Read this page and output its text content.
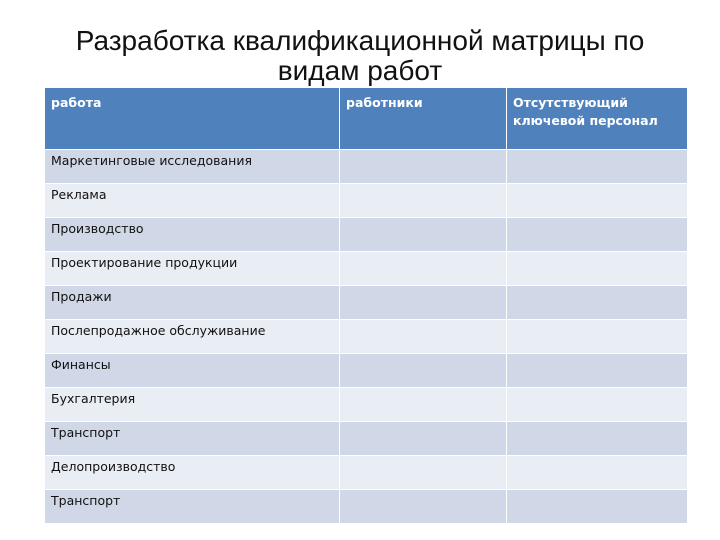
Разработка квалификационной матрицы по видам работ
работа	работники	Отсутствующий ключевой персонал
Маркетинговые исследования		
Реклама		
Производство		
Проектирование продукции		
Продажи		
Послепродажное обслуживание		
Финансы		
Бухгалтерия		
Транспорт		
Делопроизводство		
Транспорт		
